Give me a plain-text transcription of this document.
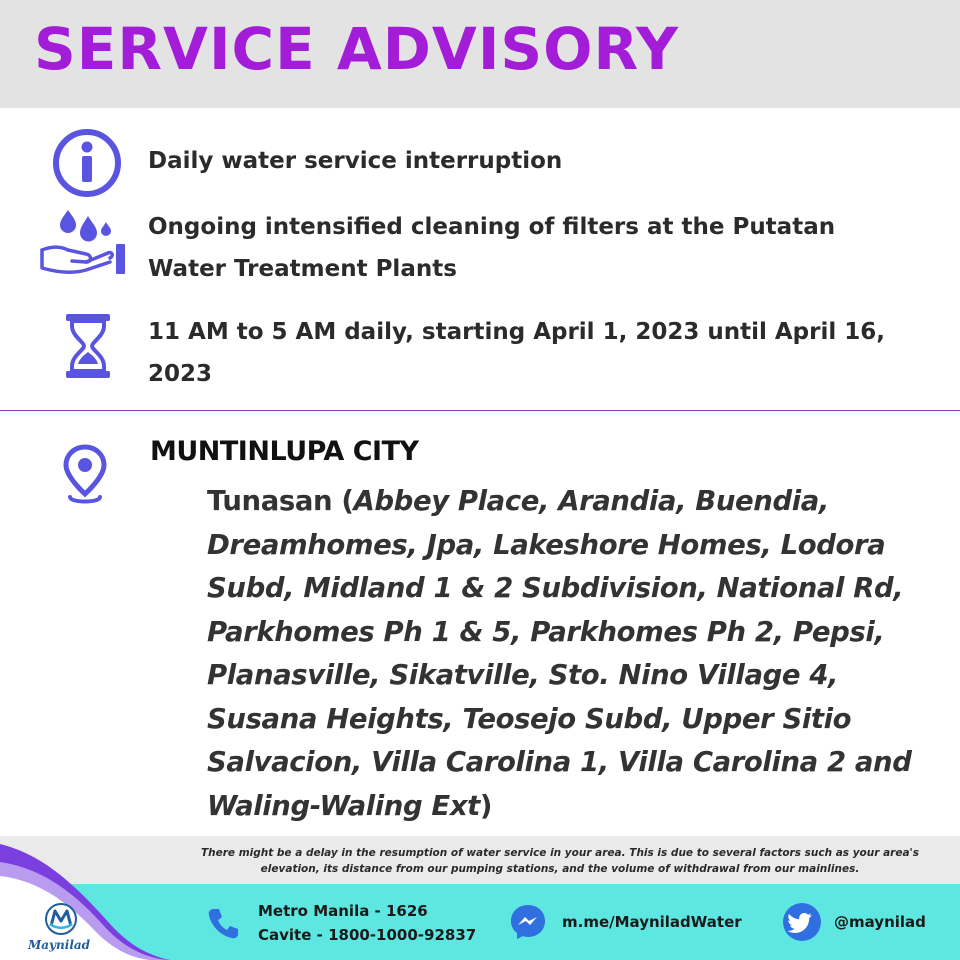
SERVICE ADVISORY
Daily water service interruption
Ongoing intensified cleaning of filters at the Putatan Water Treatment Plants
11 AM to 5 AM daily, starting April 1, 2023 until April 16, 2023
MUNTINLUPA CITY
Tunasan (Abbey Place, Arandia, Buendia, Dreamhomes, Jpa, Lakeshore Homes, Lodora Subd, Midland 1 & 2 Subdivision, National Rd, Parkhomes Ph 1 & 5, Parkhomes Ph 2, Pepsi, Planasville, Sikatville, Sto. Nino Village 4, Susana Heights, Teosejo Subd, Upper Sitio Salvacion, Villa Carolina 1, Villa Carolina 2 and Waling-Waling Ext)
There might be a delay in the resumption of water service in your area. This is due to several factors such as your area's elevation, its distance from our pumping stations, and the volume of withdrawal from our mainlines.
Maynilad
Metro Manila - 1626
Cavite - 1800-1000-92837
m.me/MayniladWater	@maynilad
